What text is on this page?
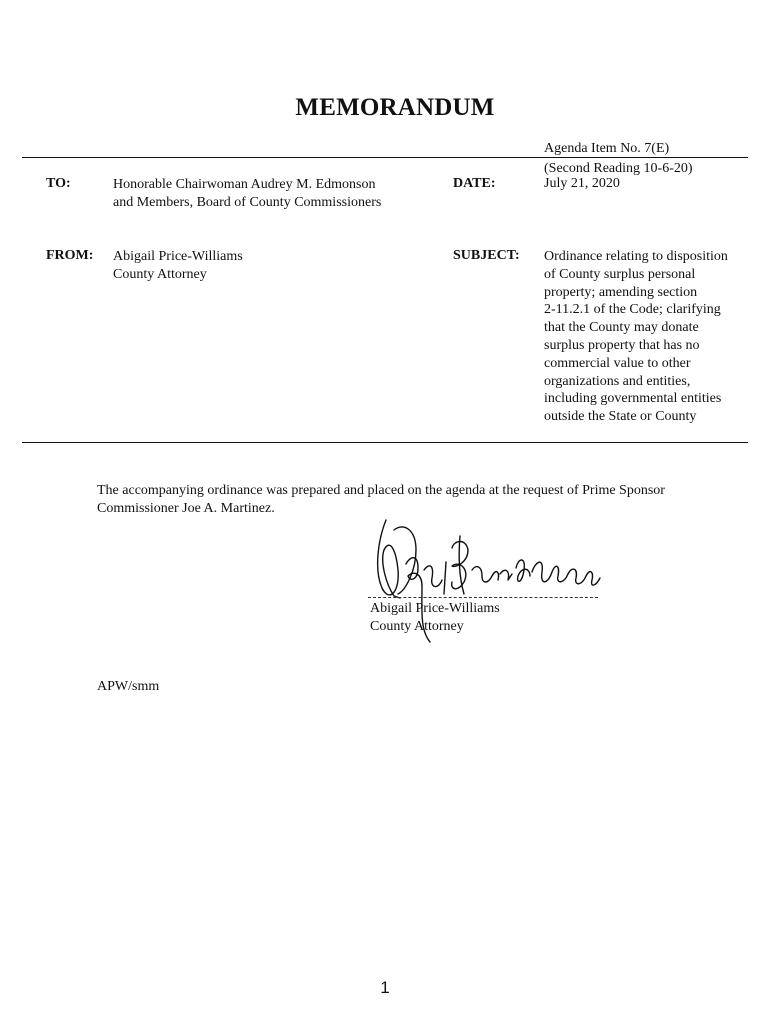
MEMORANDUM
Agenda Item No. 7(E)
(Second Reading 10-6-20)
TO:	Honorable Chairwoman Audrey M. Edmonson
and Members, Board of County Commissioners
DATE:	July 21, 2020
FROM: Abigail Price-Williams
County Attorney
SUBJECT: Ordinance relating to disposition
of County surplus personal
property; amending section
2-11.2.1 of the Code; clarifying
that the County may donate
surplus property that has no
commercial value to other
organizations and entities,
including governmental entities
outside the State or County
The accompanying ordinance was prepared and placed on the agenda at the request of Prime Sponsor Commissioner Joe A. Martinez.
Abigail Price-Williams
County Attorney
APW/smm
1
